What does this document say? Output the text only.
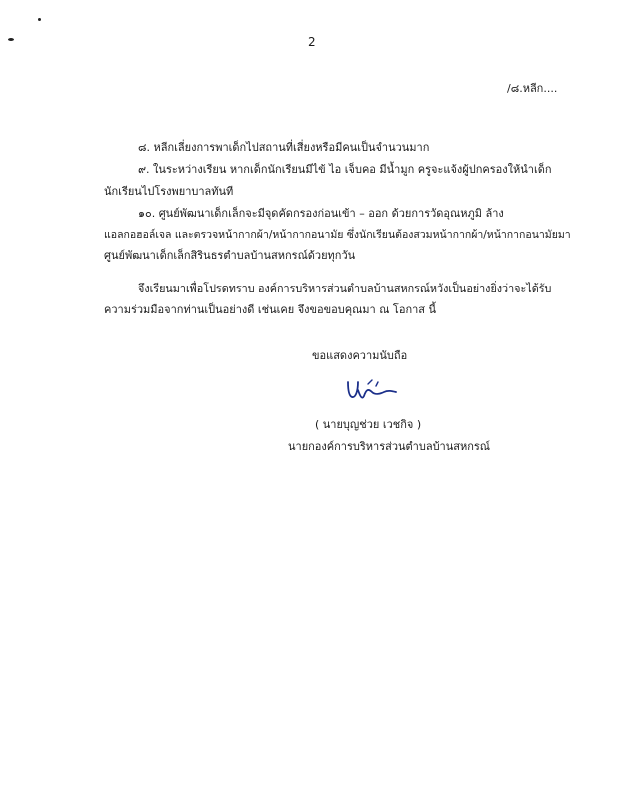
2
/๘.หลีก....
๘. หลีกเลี่ยงการพาเด็กไปสถานที่เสี่ยงหรือมีคนเป็นจำนวนมาก
๙. ในระหว่างเรียน หากเด็กนักเรียนมีไข้ ไอ เจ็บคอ มีน้ำมูก ครูจะแจ้งผู้ปกครองให้นำเด็ก
นักเรียนไปโรงพยาบาลทันที
๑๐. ศูนย์พัฒนาเด็กเล็กจะมีจุดคัดกรองก่อนเข้า – ออก ด้วยการวัดอุณหภูมิ ล้าง
แอลกอฮอล์เจล และตรวจหน้ากากผ้า/หน้ากากอนามัย ซึ่งนักเรียนต้องสวมหน้ากากผ้า/หน้ากากอนามัยมา
ศูนย์พัฒนาเด็กเล็กสิรินธรตำบลบ้านสหกรณ์ด้วยทุกวัน
จึงเรียนมาเพื่อโปรดทราบ องค์การบริหารส่วนตำบลบ้านสหกรณ์หวังเป็นอย่างยิ่งว่าจะได้รับ
ความร่วมมือจากท่านเป็นอย่างดี เช่นเคย จึงขอขอบคุณมา ณ โอกาส นี้
ขอแสดงความนับถือ
( นายบุญช่วย เวชกิจ )
นายกองค์การบริหารส่วนตำบลบ้านสหกรณ์
